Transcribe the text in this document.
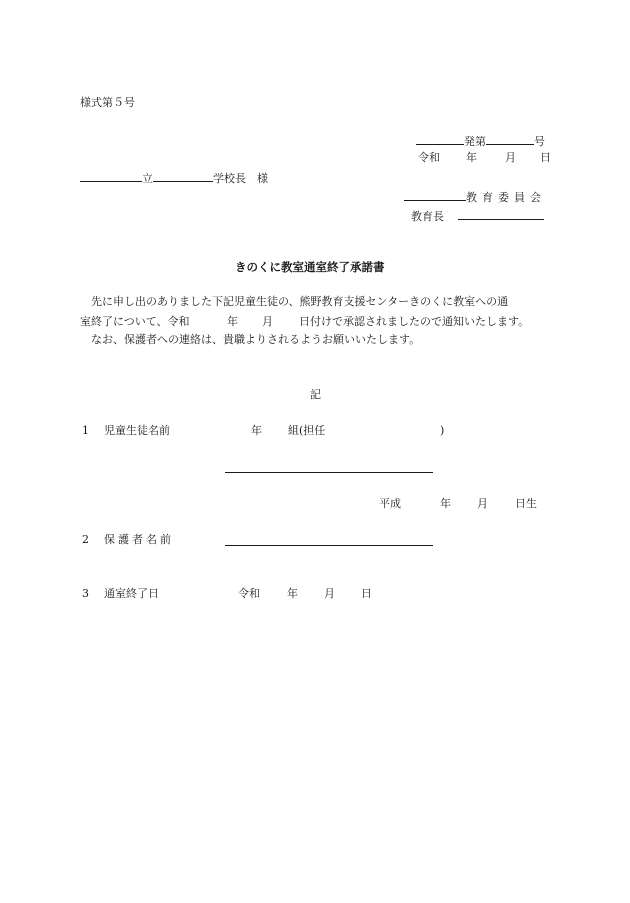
様式第５号
発第	号
令和 年	月 日
立	学校長 様
教育委員会
教育長
きのくに教室通室終了承諾書
先に申し出のありました下記児童生徒の、熊野教育支援センターきのくに教室への通
室終了について、令和	年 月 日付けで承認されましたので通知いたします。
なお、保護者への連絡は、貴職よりされるようお願いいたします。
記
1 児童生徒名前	年 組(担任	)
平成	年 月 日生
2 保護者名前
3 通室終了日	令和 年 月 日
